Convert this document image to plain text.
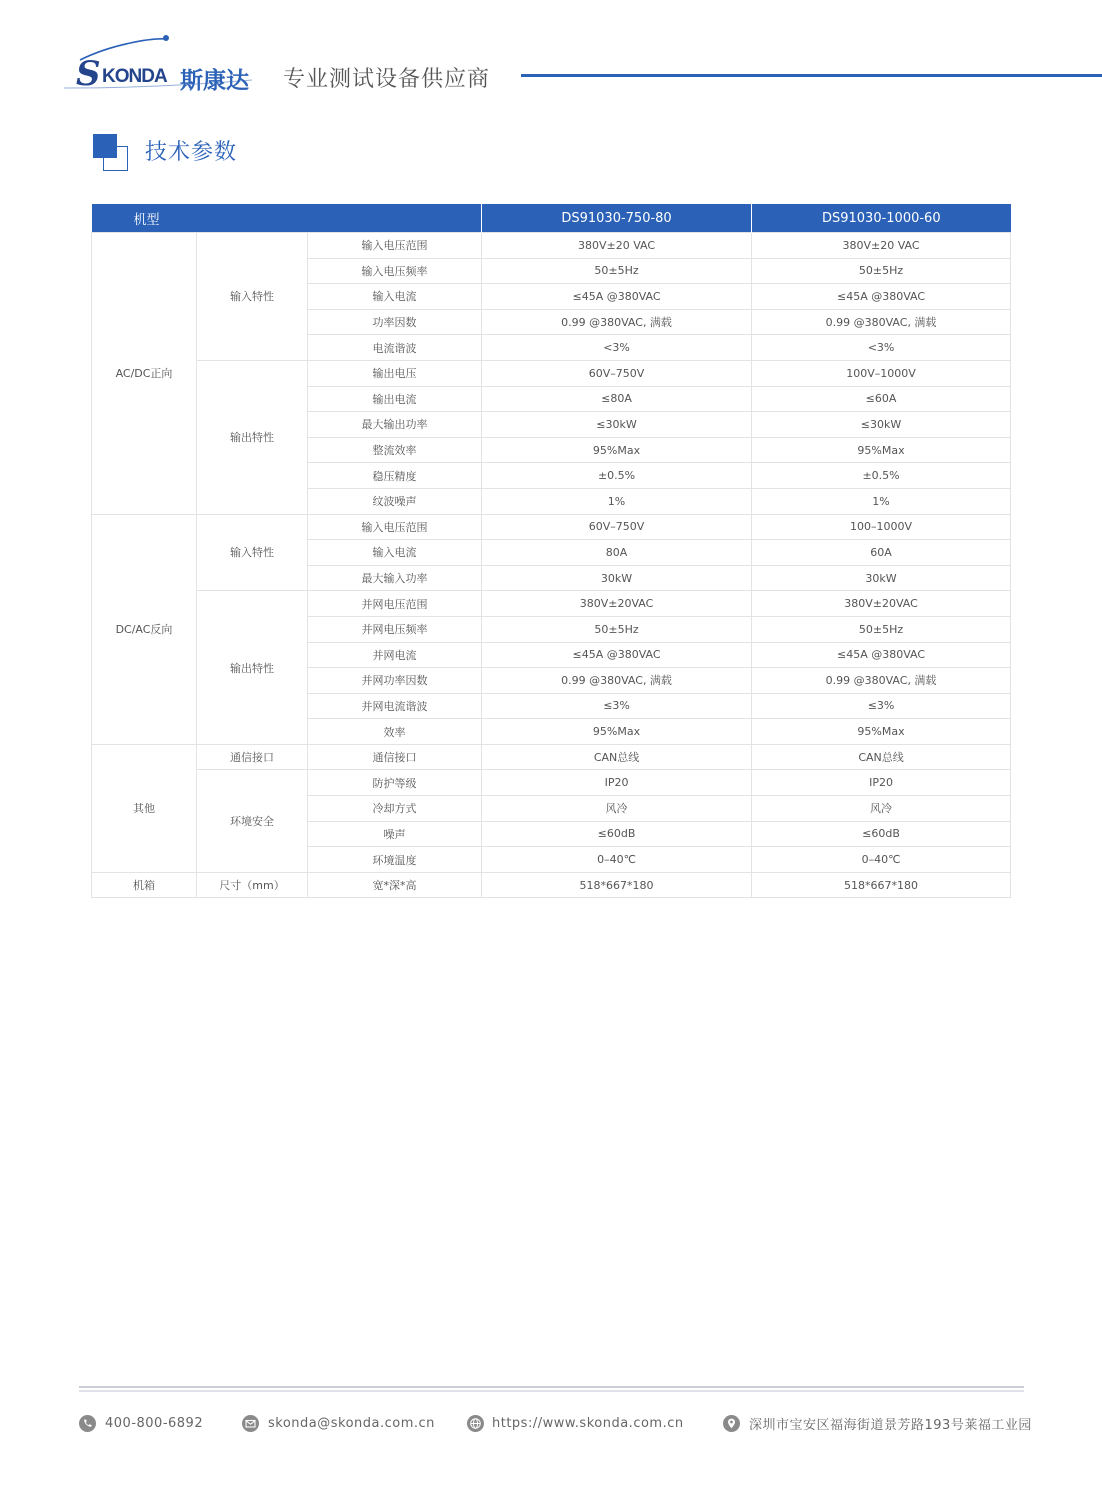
S KONDA 斯康达 专业测试设备供应商
技术参数
机型			DS91030-750-80	DS91030-1000-60
AC/DC正向	输入特性	输入电压范围	380V±20 VAC	380V±20 VAC
		输入电压频率	50±5Hz	50±5Hz
		输入电流	≤45A @380VAC	≤45A @380VAC
		功率因数	0.99 @380VAC, 满载	0.99 @380VAC, 满载
		电流谐波	<3%	<3%
	输出特性	输出电压	60V–750V	100V–1000V
		输出电流	≤80A	≤60A
		最大输出功率	≤30kW	≤30kW
		整流效率	95%Max	95%Max
		稳压精度	±0.5%	±0.5%
		纹波噪声	1%	1%
DC/AC反向	输入特性	输入电压范围	60V–750V	100–1000V
		输入电流	80A	60A
		最大输入功率	30kW	30kW
	输出特性	并网电压范围	380V±20VAC	380V±20VAC
		并网电压频率	50±5Hz	50±5Hz
		并网电流	≤45A @380VAC	≤45A @380VAC
		并网功率因数	0.99 @380VAC, 满载	0.99 @380VAC, 满载
		并网电流谐波	≤3%	≤3%
		效率	95%Max	95%Max
其他	通信接口	通信接口	CAN总线	CAN总线
	环境安全	防护等级	IP20	IP20
		冷却方式	风冷	风冷
		噪声	≤60dB	≤60dB
		环境温度	0–40℃	0–40℃
机箱	尺寸（mm）	宽*深*高	518*667*180	518*667*180
400-800-6892	skonda@skonda.com.cn	https://www.skonda.com.cn	深圳市宝安区福海街道景芳路193号莱福工业园
